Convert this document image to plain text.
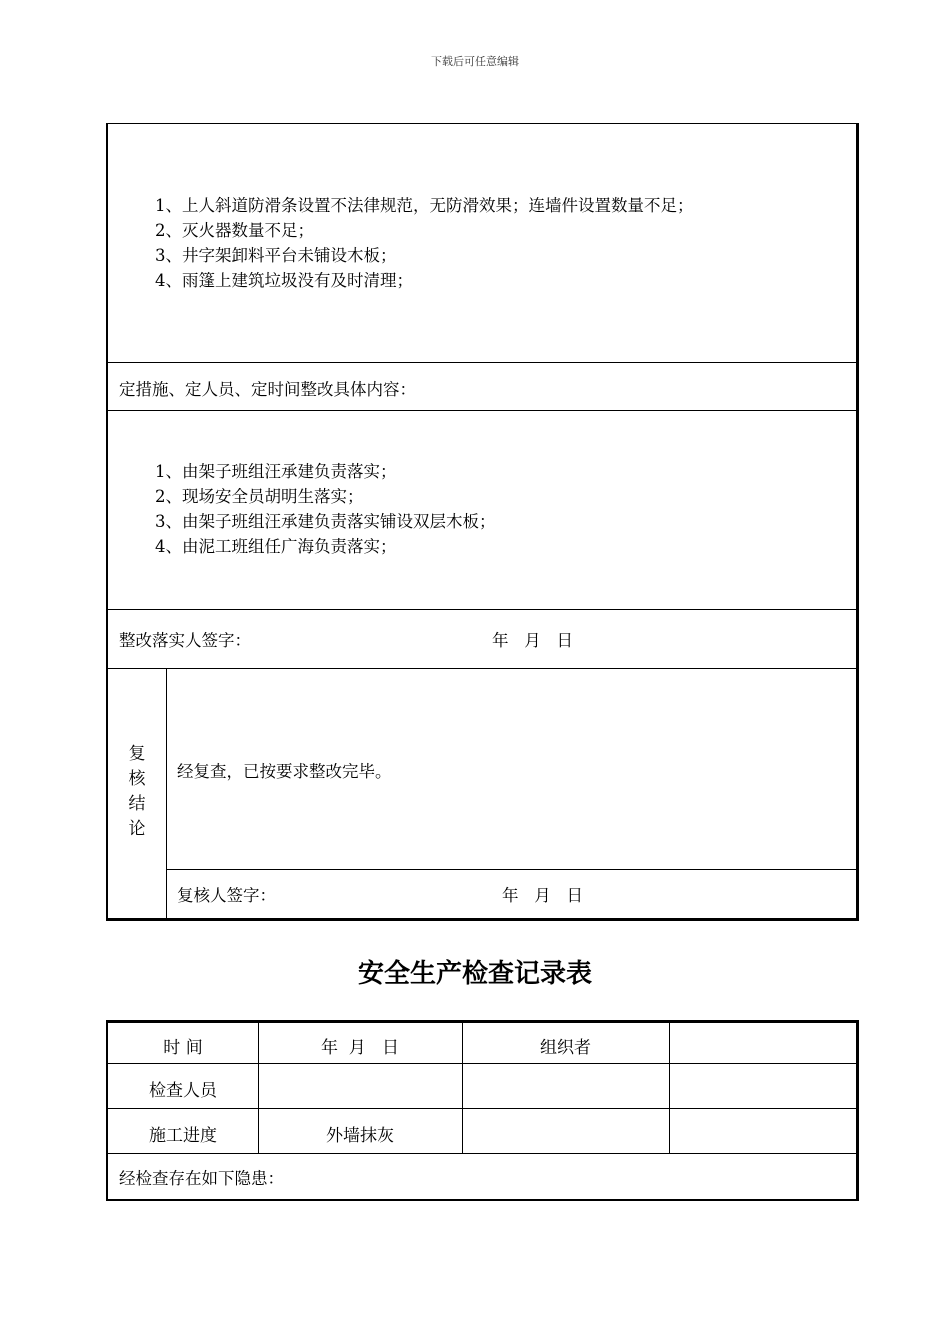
下载后可任意编辑
1、上人斜道防滑条设置不法律规范，无防滑效果；连墙件设置数量不足；
2、灭火器数量不足；
3、井字架卸料平台未铺设木板；
4、雨篷上建筑垃圾没有及时清理；
定措施、定人员、定时间整改具体内容：
1、由架子班组汪承建负责落实；
2、现场安全员胡明生落实；
3、由架子班组汪承建负责落实铺设双层木板；
4、由泥工班组任广海负责落实；
整改落实人签字：	年   月   日
复
核
结
论
经复查，已按要求整改完毕。
复核人签字：	年   月   日
安全生产检查记录表
时 间	年  月   日	组织者
检查人员
施工进度	外墙抹灰
经检查存在如下隐患：
